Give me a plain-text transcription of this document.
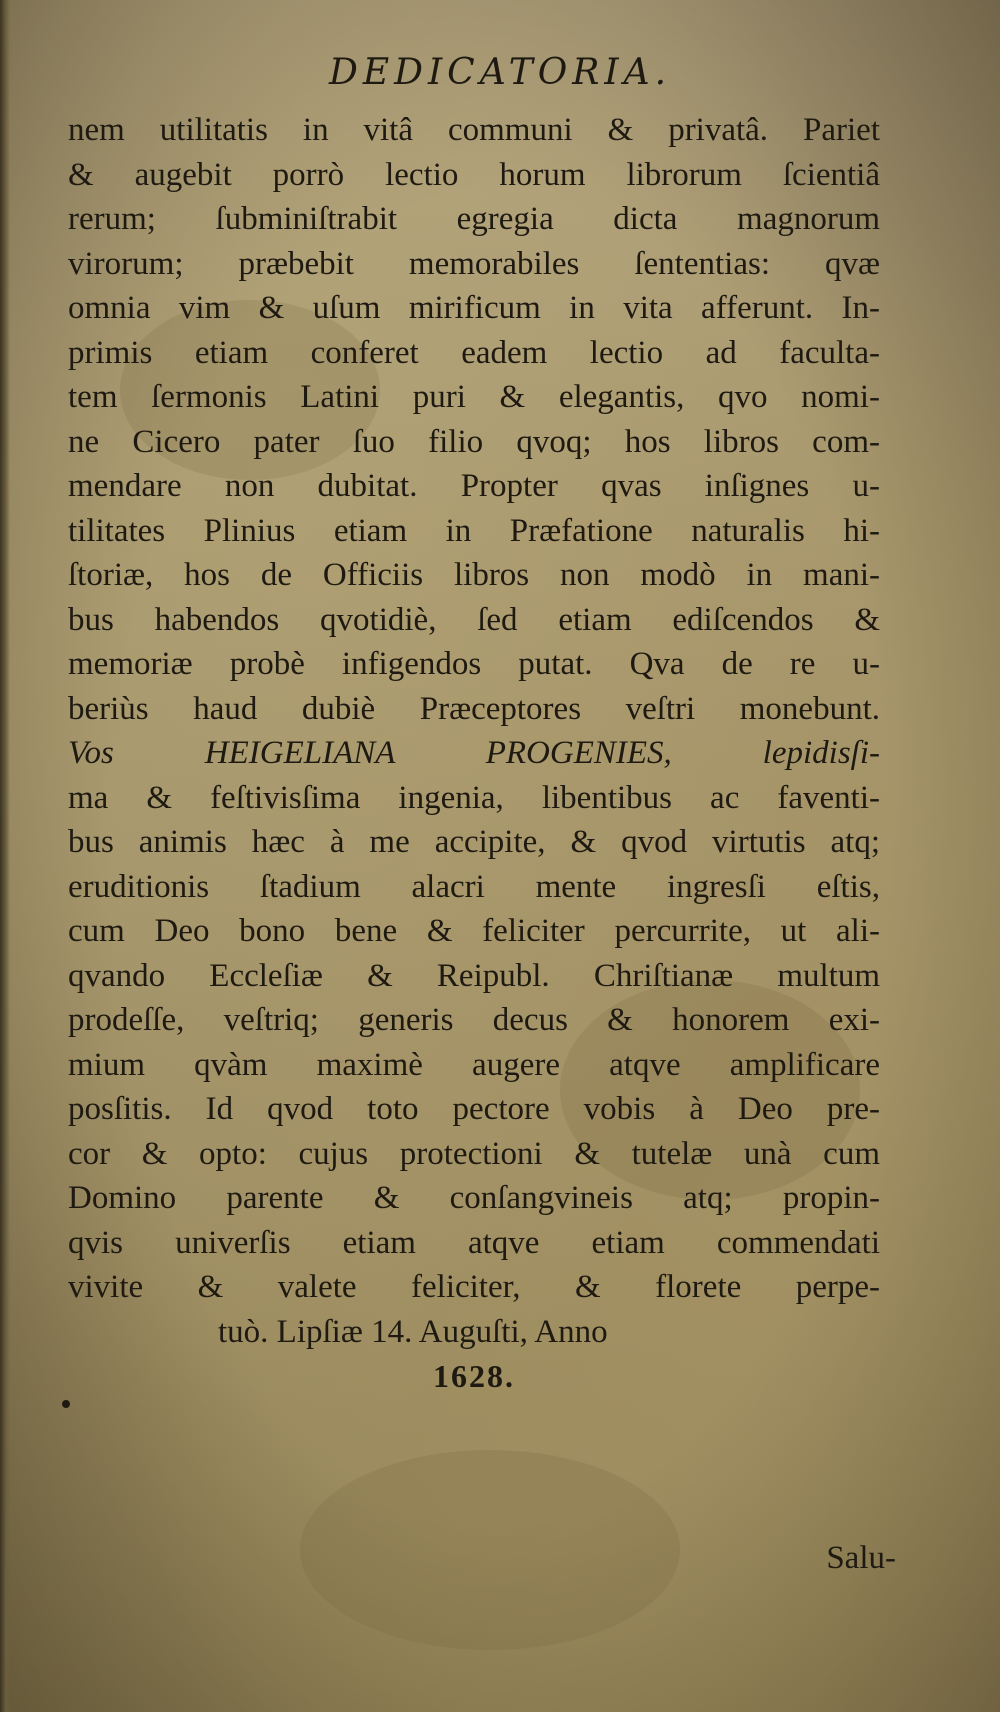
DEDICATORIA.
nem utilitatis in vitâ communi & privatâ. Pariet
& augebit porrò lectio horum librorum ſcientiâ
rerum; ſubminiſtrabit egregia dicta magnorum
virorum; præbebit memorabiles ſententias: qvæ
omnia vim & uſum mirificum in vita afferunt. In-
primis etiam conferet eadem lectio ad faculta-
tem ſermonis Latini puri & elegantis, qvo nomi-
ne Cicero pater ſuo filio qvoq; hos libros com-
mendare non dubitat. Propter qvas inſignes u-
tilitates Plinius etiam in Præfatione naturalis hi-
ſtoriæ, hos de Officiis libros non modò in mani-
bus habendos qvotidiè, ſed etiam ediſcendos &
memoriæ probè infigendos putat. Qva de re u-
beriùs haud dubiè Præceptores veſtri monebunt.
Vos HEIGELIANA PROGENIES, lepidisſi-
ma & feſtivisſima ingenia, libentibus ac faventi-
bus animis hæc à me accipite, & qvod virtutis atq;
eruditionis ſtadium alacri mente ingresſi eſtis,
cum Deo bono bene & feliciter percurrite, ut ali-
qvando Eccleſiæ & Reipubl. Chriſtianæ multum
prodeſſe, veſtriq; generis decus & honorem exi-
mium qvàm maximè augere atqve amplificare
posſitis. Id qvod toto pectore vobis à Deo pre-
cor & opto: cujus protectioni & tutelæ unà cum
Domino parente & conſangvineis atq; propin-
qvis univerſis etiam atqve etiam commendati
vivite & valete feliciter, & florete perpe-
tuò. Lipſiæ 14. Auguſti, Anno
1628.
Salu-
